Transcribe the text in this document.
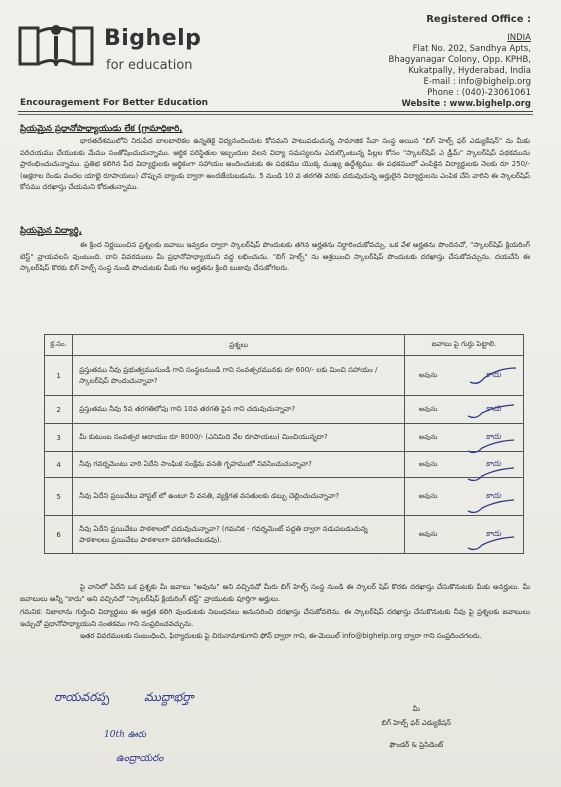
Bighelp
for education
Encouragement For Better Education
Registered Office :
INDIA
Flat No. 202, Sandhya Apts,
Bhagyanagar Colony, Opp. KPHB,
Kukatpally, Hyderabad, India
E-mail : info@bighelp.org
Phone : (040)-23061061
Website : www.bighelp.org
ప్రియమైన ప్రధానోపాధ్యాయుడు లేక (గ్రామాధికారి,
భారతదేశములోని నిరుపేద బాలబాలికల ఉన్నతికై విద్యనందించుట కోసమని పాటుపడుచున్న సామాజిక సేవా సంస్థ అయిన "బిగ్ హెల్ప్ ఫర్ ఎడ్యుకేషన్" ను మీకు పరిచయము చేయుటకు మేము సంతోషించుచున్నాము. ఆర్థిక పరిస్థితుల ఇబ్బందుల వలన విద్యా సమస్యలను ఎదుర్కొంటున్న పిల్లల కోసం "స్కాలర్‌షిప్ ఎ డ్రీమ్" స్కాలర్‌షిప్ పథకమును ప్రారంభించుచున్నాము. ప్రతిభ కలిగిన పేద విద్యార్థులకు ఆర్థికంగా సహాయం అందించుటకు ఈ పథకము యొక్క ముఖ్య ఉద్దేశ్యము. ఈ పథకములో ఎంపికైన విద్యార్థులకు నెలకు రూ 250/- (అక్షరాల రెండు వందల యాభై రూపాయలు) చొప్పున బ్యాంకు ద్వారా అందజేయబడును. 5 నుండి 10 వ తరగతి వరకు చదువుచున్న అర్హులైన విద్యార్థులను ఎంపిక చేసి వారిని ఈ స్కాలర్‌షిప్ కోసము దరఖాస్తు చేయమని కోరుతున్నాము.
ప్రియమైన విద్యార్థి,
ఈ క్రింద నిర్ణయించిన ప్రశ్నలకు జవాబు ఇవ్వడం ద్వారా స్కాలర్‌షిప్ పొందుటకు తగిన అర్హతను నిర్ధారించుకోవచ్చు. ఒక వేళ అర్హతను పొందినచో, "స్కాలర్‌షిప్ క్లియరింగ్ టెస్ట్" వ్రాయవలసి వుంటుంది. దాని వివరములు మీ ప్రధానోపాధ్యాయుని వద్ద లభించును. "బిగ్ హెల్ప్" ను ఆశ్రయించి స్కాలర్‌షిప్ పొందుటకు దరఖాస్తు చేసుకోవచ్చును. దయచేసి ఈ స్కాలర్‌షిప్ కొరకు బిగ్ హెల్ప్ సంస్థ నుండి పొందుటకు మీకు గల అర్హతను క్రింది బుజువు చేసుకోగలరు.
క్ర.సం.	ప్రశ్నలు	జవాబు పై గుర్తు పెట్టాలి.
1	ప్రస్తుతము నీవు ప్రభుత్వమునుండి గాని సంస్థలనుండి గాని సంవత్సరమునకు రూ 600/- లకు మించి సహాయం / స్కాలర్‌షిప్ పొందుచున్నావా?	అవును కాదు

2	ప్రస్తుతము నీవు 5వ తరగతిలోపు గాని 10వ తరగతి పైన గాని చదువుచున్నావా?	అవును కాదు

3	మీ కుటుంబ సంవత్సర ఆదాయం రూ 8000/- (ఎనిమిది వేల రూపాయలు) మించియున్నదా?	అవును కాదు

4	నీవు గవర్నమెంటు వారి ఏదేని సాంఘిక సంక్షేమ వసతి గృహములో నివసించుచున్నావా?	అవును కాదు

5	నీవు ఏదేని ప్రయివేటు హాస్టల్ లో ఉంటూ నీ వసతి, వ్యక్తిగత వసతులకు డబ్బు చెల్లించుచున్నావా?	అవును కాదు

6	నీవు ఏదేని ప్రయివేటు పాఠశాలలో చదువుచున్నావా? (గమనిక - గవర్నమెంట్ పద్దతి ద్వారా నడుపబడుచున్న పాఠశాలలు ప్రయివేటు పాఠశాలగా పరిగణించబడవు).	అవును కాదు
పై వానిలో ఏదేని ఒక ప్రశ్నకు మీ జవాబు "అవును" అని వచ్చినచో మీరు బిగ్ హెల్ప్ సంస్థ నుండి ఈ స్కాలర్ షిప్ కొరకు దరఖాస్తు చేసుకొనుటకు మీకు అనర్హులు. మీ జవాబులు అన్నీ "కాదు" అని వచ్చినచో "స్కాలర్‌షిప్ క్లియరింగ్ టెస్ట్" వ్రాయుటకు పూర్తిగా అర్హులు.
గమనిక: నిజాలాను గుర్తించి విద్యార్థులు ఈ అర్హత కలిగి వుండుటకు నిబంధనలు అనుసరించి దరఖాస్తు చేసుకోవలెను. ఈ స్కాలర్‌షిప్ దరఖాస్తు చేసుకొనుటకు నీవు పై ప్రశ్నలకు జవాబులు ఇచ్చుచో ప్రధానోపాధ్యాయుని సంతకము గాని సంప్రదించవచ్చును.
ఇతర వివరములకు సంబంధించి, ఫిర్యాదులకు పై చిరునామాకుగాని ఫోన్ ద్వారా గాని, ఈ-మెయిల్ info@bighelp.org ద్వారా గాని సంప్రదించగలరు.
రాయవరప్ప	ముద్దాభర్తా
10th ఊరు
ఉంద్రాయరం
మీ
బిగ్ హెల్ప్ ఫర్ ఎడ్యుకేషన్
ఫౌండర్ & ప్రెసిడెంట్
